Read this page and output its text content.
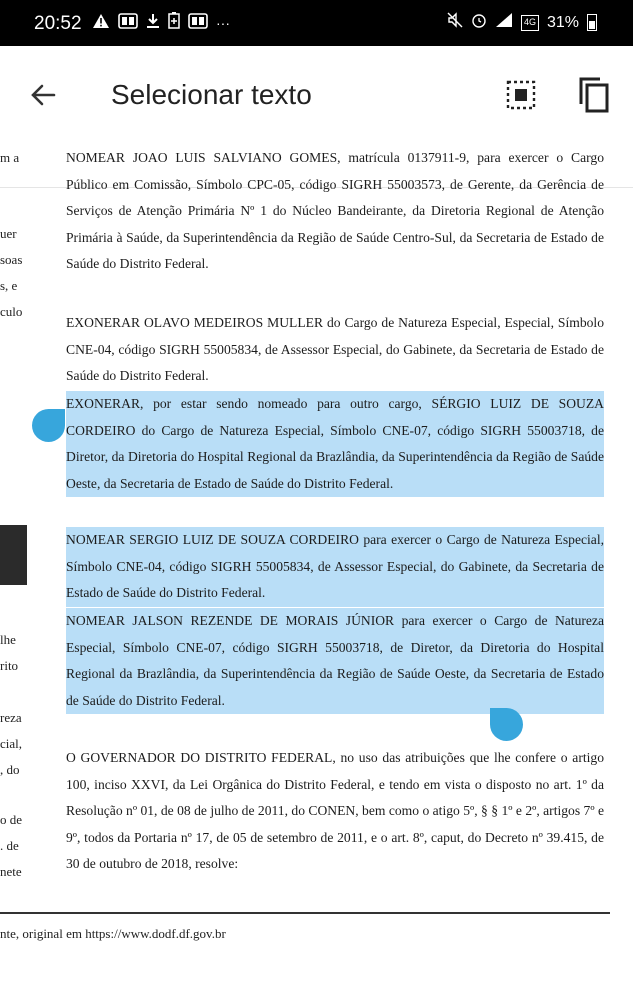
20:52	···	4G 31%
Selecionar texto
m a
uer
soas
s, e
culo
lhe
rito
reza
cial,
, do
o de
. de
nete

NOMEAR JOAO LUIS SALVIANO GOMES, matrícula 0137911-9, para exercer o Cargo Público em Comissão, Símbolo CPC-05, código SIGRH 55003573, de Gerente, da Gerência de Serviços de Atenção Primária Nº 1 do Núcleo Bandeirante, da Diretoria Regional de Atenção Primária à Saúde, da Superintendência da Região de Saúde Centro-Sul, da Secretaria de Estado de Saúde do Distrito Federal.

EXONERAR OLAVO MEDEIROS MULLER do Cargo de Natureza Especial, Especial, Símbolo CNE-04, código SIGRH 55005834, de Assessor Especial, do Gabinete, da Secretaria de Estado de Saúde do Distrito Federal.

EXONERAR, por estar sendo nomeado para outro cargo, SÉRGIO LUIZ DE SOUZA CORDEIRO do Cargo de Natureza Especial, Símbolo CNE-07, código SIGRH 55003718, de Diretor, da Diretoria do Hospital Regional da Brazlândia, da Superintendência da Região de Saúde Oeste, da Secretaria de Estado de Saúde do Distrito Federal.

NOMEAR SERGIO LUIZ DE SOUZA CORDEIRO para exercer o Cargo de Natureza Especial, Símbolo CNE-04, código SIGRH 55005834, de Assessor Especial, do Gabinete, da Secretaria de Estado de Saúde do Distrito Federal.

NOMEAR JALSON REZENDE DE MORAIS JÚNIOR para exercer o Cargo de Natureza Especial, Símbolo CNE-07, código SIGRH 55003718, de Diretor, da Diretoria do Hospital Regional da Brazlândia, da Superintendência da Região de Saúde Oeste, da Secretaria de Estado de Saúde do Distrito Federal.

O GOVERNADOR DO DISTRITO FEDERAL, no uso das atribuições que lhe confere o artigo 100, inciso XXVI, da Lei Orgânica do Distrito Federal, e tendo em vista o disposto no art. 1º da Resolução nº 01, de 08 de julho de 2011, do CONEN, bem como o atigo 5º, § § 1º e 2º, artigos 7º e 9º, todos da Portaria nº 17, de 05 de setembro de 2011, e o art. 8º, caput, do Decreto nº 39.415, de 30 de outubro de 2018, resolve:

nte, original em https://www.dodf.df.gov.br
